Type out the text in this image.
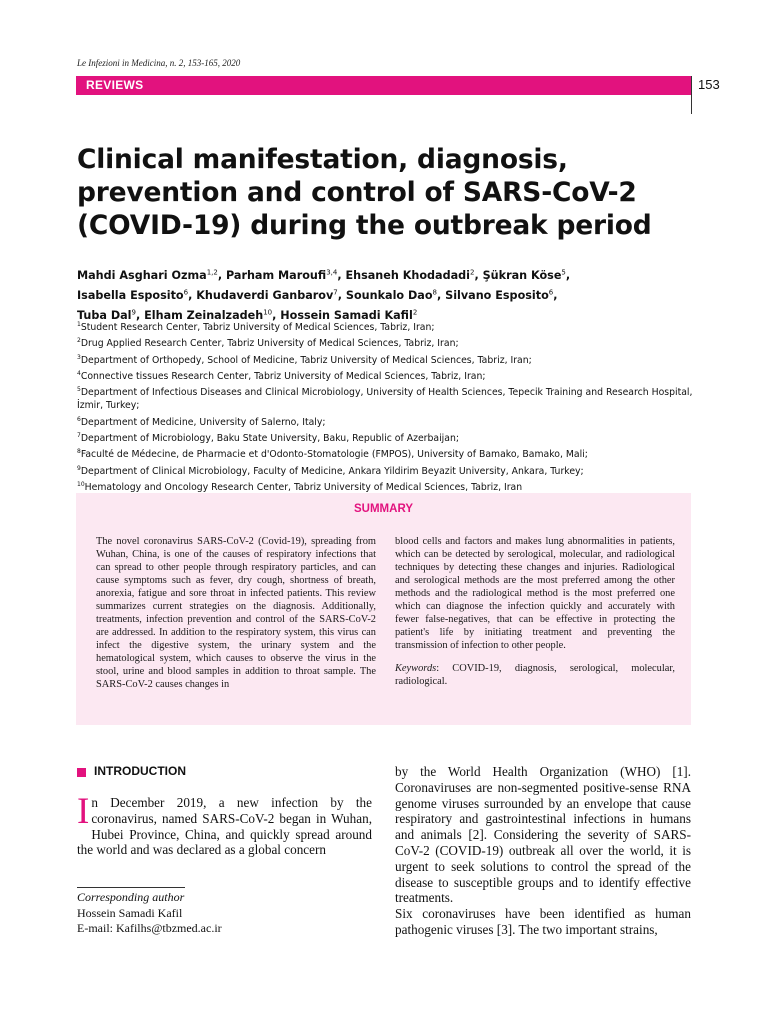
Le Infezioni in Medicina, n. 2, 153-165, 2020
REVIEWS	153
Clinical manifestation, diagnosis, prevention and control of SARS-CoV-2 (COVID-19) during the outbreak period
Mahdi Asghari Ozma$^{1,2}$, Parham Maroufi$^{3,4}$, Ehsaneh Khodadadi$^2$, Şükran Köse$^5$,
Isabella Esposito$^6$, Khudaverdi Ganbarov$^7$, Sounkalo Dao$^8$, Silvano Esposito$^6$,
Tuba Dal$^9$, Elham Zeinalzadeh$^{10}$, Hossein Samadi Kafil$^2$
$^1$Student Research Center, Tabriz University of Medical Sciences, Tabriz, Iran;
$^2$Drug Applied Research Center, Tabriz University of Medical Sciences, Tabriz, Iran;
$^3$Department of Orthopedy, School of Medicine, Tabriz University of Medical Sciences, Tabriz, Iran;
$^4$Connective tissues Research Center, Tabriz University of Medical Sciences, Tabriz, Iran;
$^5$Department of Infectious Diseases and Clinical Microbiology, University of Health Sciences, Tepecik Training and Research Hospital, İzmir, Turkey;
$^6$Department of Medicine, University of Salerno, Italy;
$^7$Department of Microbiology, Baku State University, Baku, Republic of Azerbaijan;
$^8$Faculté de Médecine, de Pharmacie et d'Odonto-Stomatologie (FMPOS), University of Bamako, Bamako, Mali;
$^9$Department of Clinical Microbiology, Faculty of Medicine, Ankara Yildirim Beyazit University, Ankara, Turkey;
$^{10}$Hematology and Oncology Research Center, Tabriz University of Medical Sciences, Tabriz, Iran
SUMMARY
The novel coronavirus SARS-CoV-2 (Covid-19), spreading from Wuhan, China, is one of the causes of respiratory infections that can spread to other people through respiratory particles, and can cause symptoms such as fever, dry cough, shortness of breath, anorexia, fatigue and sore throat in infected patients. This review summarizes current strategies on the diagnosis. Additionally, treatments, infection prevention and control of the SARS-CoV-2 are addressed. In addition to the respiratory system, this virus can infect the digestive system, the urinary system and the hematological system, which causes to observe the virus in the stool, urine and blood samples in addition to throat sample. The SARS-CoV-2 causes changes in
blood cells and factors and makes lung abnormalities in patients, which can be detected by serological, molecular, and radiological techniques by detecting these changes and injuries. Radiological and serological methods are the most preferred among the other methods and the radiological method is the most preferred one which can diagnose the infection quickly and accurately with fewer false-negatives, that can be effective in protecting the patient's life by initiating treatment and preventing the transmission of infection to other people.
Keywords: COVID-19, diagnosis, serological, molecular, radiological.
INTRODUCTION
In December 2019, a new infection by the coronavirus, named SARS-CoV-2 began in Wuhan, Hubei Province, China, and quickly spread around the world and was declared as a global concern
Corresponding author
Hossein Samadi Kafil
E-mail: Kafilhs@tbzmed.ac.ir

by the World Health Organization (WHO) [1]. Coronaviruses are non-segmented positive-sense RNA genome viruses surrounded by an envelope that cause respiratory and gastrointestinal infections in humans and animals [2]. Considering the severity of SARS-CoV-2 (COVID-19) outbreak all over the world, it is urgent to seek solutions to control the spread of the disease to susceptible groups and to identify effective treatments.

Six coronaviruses have been identified as human pathogenic viruses [3]. The two important strains,
